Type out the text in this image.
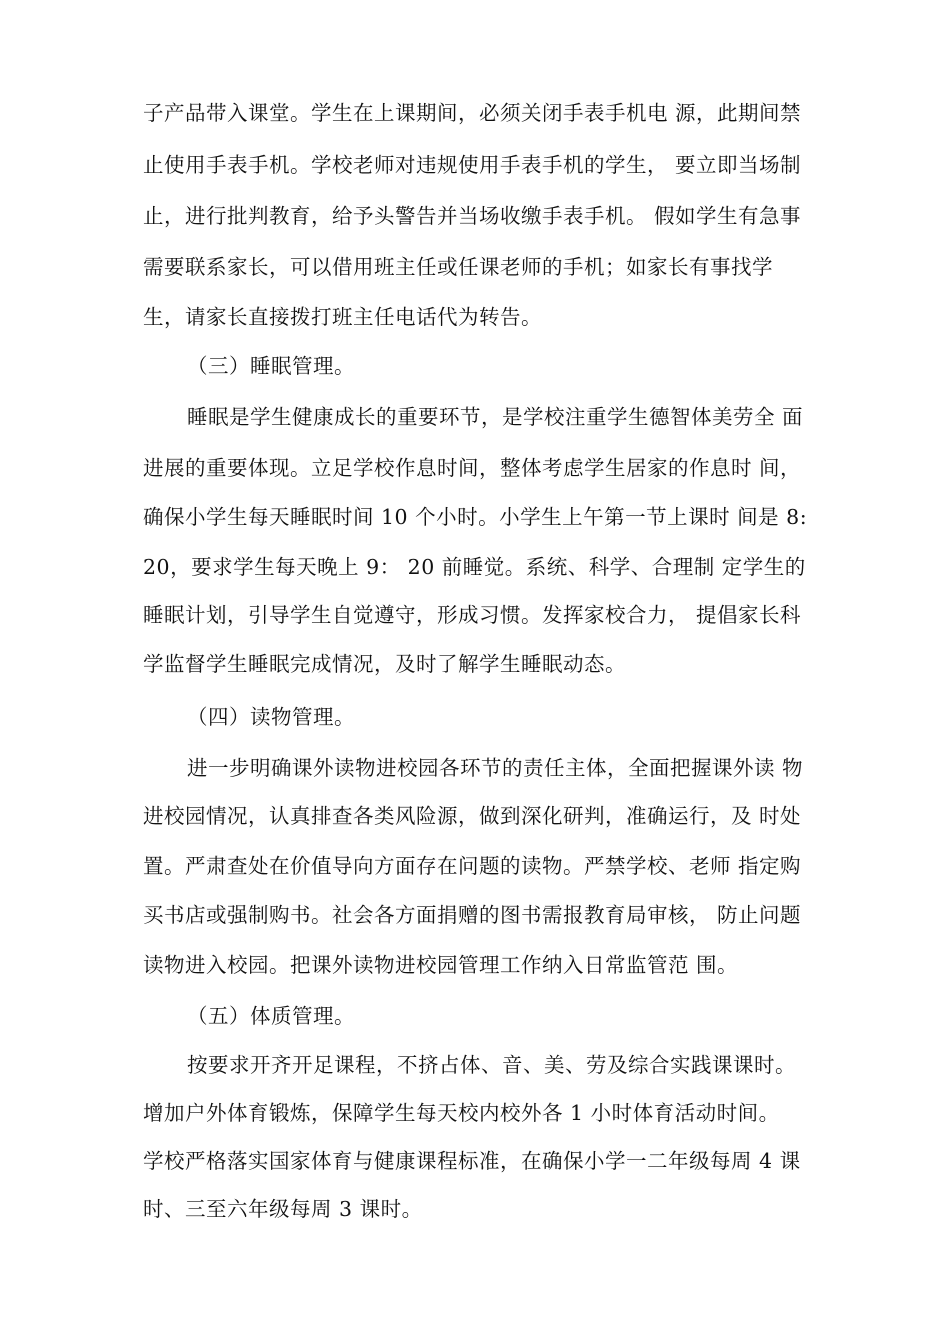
子产品带入课堂。学生在上课期间，必须关闭手表手机电 源，此期间禁
止使用手表手机。学校老师对违规使用手表手机的学生， 要立即当场制
止，进行批判教育，给予头警告并当场收缴手表手机。 假如学生有急事
需要联系家长，可以借用班主任或任课老师的手机；如家长有事找学
生，请家长直接拨打班主任电话代为转告。
（三）睡眠管理。
睡眠是学生健康成长的重要环节，是学校注重学生德智体美劳全 面
进展的重要体现。立足学校作息时间，整体考虑学生居家的作息时 间，
确保小学生每天睡眠时间 10 个小时。小学生上午第一节上课时 间是 8:
20，要求学生每天晚上 9： 20 前睡觉。系统、科学、合理制 定学生的
睡眠计划，引导学生自觉遵守，形成习惯。发挥家校合力， 提倡家长科
学监督学生睡眠完成情况，及时了解学生睡眠动态。
（四）读物管理。
进一步明确课外读物进校园各环节的责任主体，全面把握课外读 物
进校园情况，认真排查各类风险源，做到深化研判，准确运行，及 时处
置。严肃查处在价值导向方面存在问题的读物。严禁学校、老师 指定购
买书店或强制购书。社会各方面捐赠的图书需报教育局审核， 防止问题
读物进入校园。把课外读物进校园管理工作纳入日常监管范 围。
（五）体质管理。
按要求开齐开足课程，不挤占体、音、美、劳及综合实践课课时。
增加户外体育锻炼，保障学生每天校内校外各 1 小时体育活动时间。
学校严格落实国家体育与健康课程标准，在确保小学一二年级每周 4 课
时、三至六年级每周 3 课时。
